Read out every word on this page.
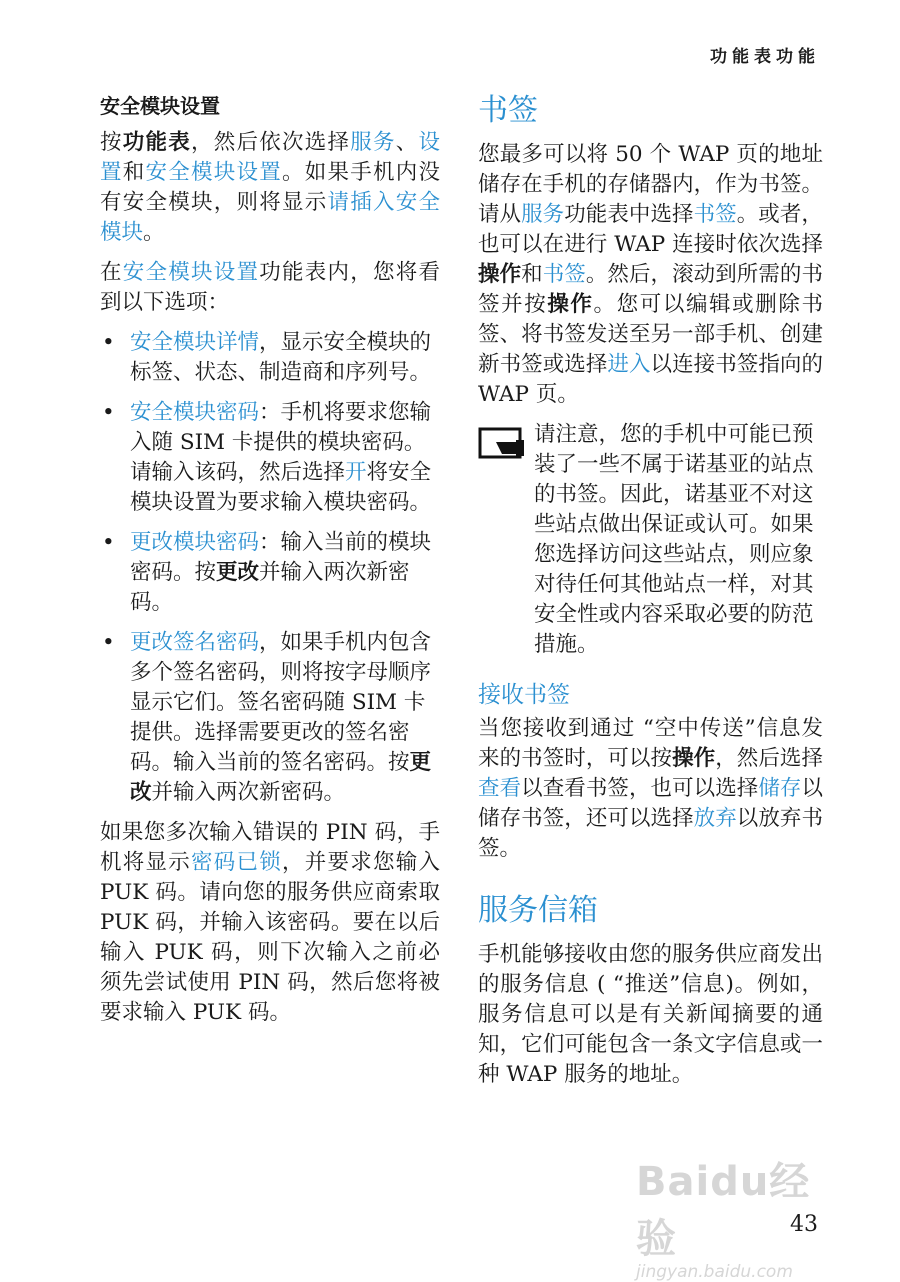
功能表功能
安全模块设置

按功能表，然后依次选择服务、设置和安全模块设置。如果手机内没有安全模块，则将显示请插入安全模块。

在安全模块设置功能表内，您将看到以下选项：

• 安全模块详情，显示安全模块的标签、状态、制造商和序列号。
• 安全模块密码：手机将要求您输入随 SIM 卡提供的模块密码。请输入该码，然后选择开将安全模块设置为要求输入模块密码。
• 更改模块密码：输入当前的模块密码。按更改并输入两次新密码。
• 更改签名密码，如果手机内包含多个签名密码，则将按字母顺序显示它们。签名密码随 SIM 卡提供。选择需要更改的签名密码。输入当前的签名密码。按更改并输入两次新密码。

如果您多次输入错误的 PIN 码，手机将显示密码已锁，并要求您输入 PUK 码。请向您的服务供应商索取 PUK 码，并输入该密码。要在以后输入 PUK 码，则下次输入之前必须先尝试使用 PIN 码，然后您将被要求输入 PUK 码。

书签

您最多可以将 50 个 WAP 页的地址储存在手机的存储器内，作为书签。请从服务功能表中选择书签。或者，也可以在进行 WAP 连接时依次选择操作和书签。然后，滚动到所需的书签并按操作。您可以编辑或删除书签、将书签发送至另一部手机、创建新书签或选择进入以连接书签指向的 WAP 页。

请注意，您的手机中可能已预装了一些不属于诺基亚的站点的书签。因此，诺基亚不对这些站点做出保证或认可。如果您选择访问这些站点，则应象对待任何其他站点一样，对其安全性或内容采取必要的防范措施。

接收书签

当您接收到通过 “空中传送”信息发来的书签时，可以按操作，然后选择查看以查看书签，也可以选择储存以储存书签，还可以选择放弃以放弃书签。

服务信箱

手机能够接收由您的服务供应商发出的服务信息 ( “推送”信息)。例如，服务信息可以是有关新闻摘要的通知，它们可能包含一条文字信息或一种 WAP 服务的地址。

Baidu经验
jingyan.baidu.com
43
